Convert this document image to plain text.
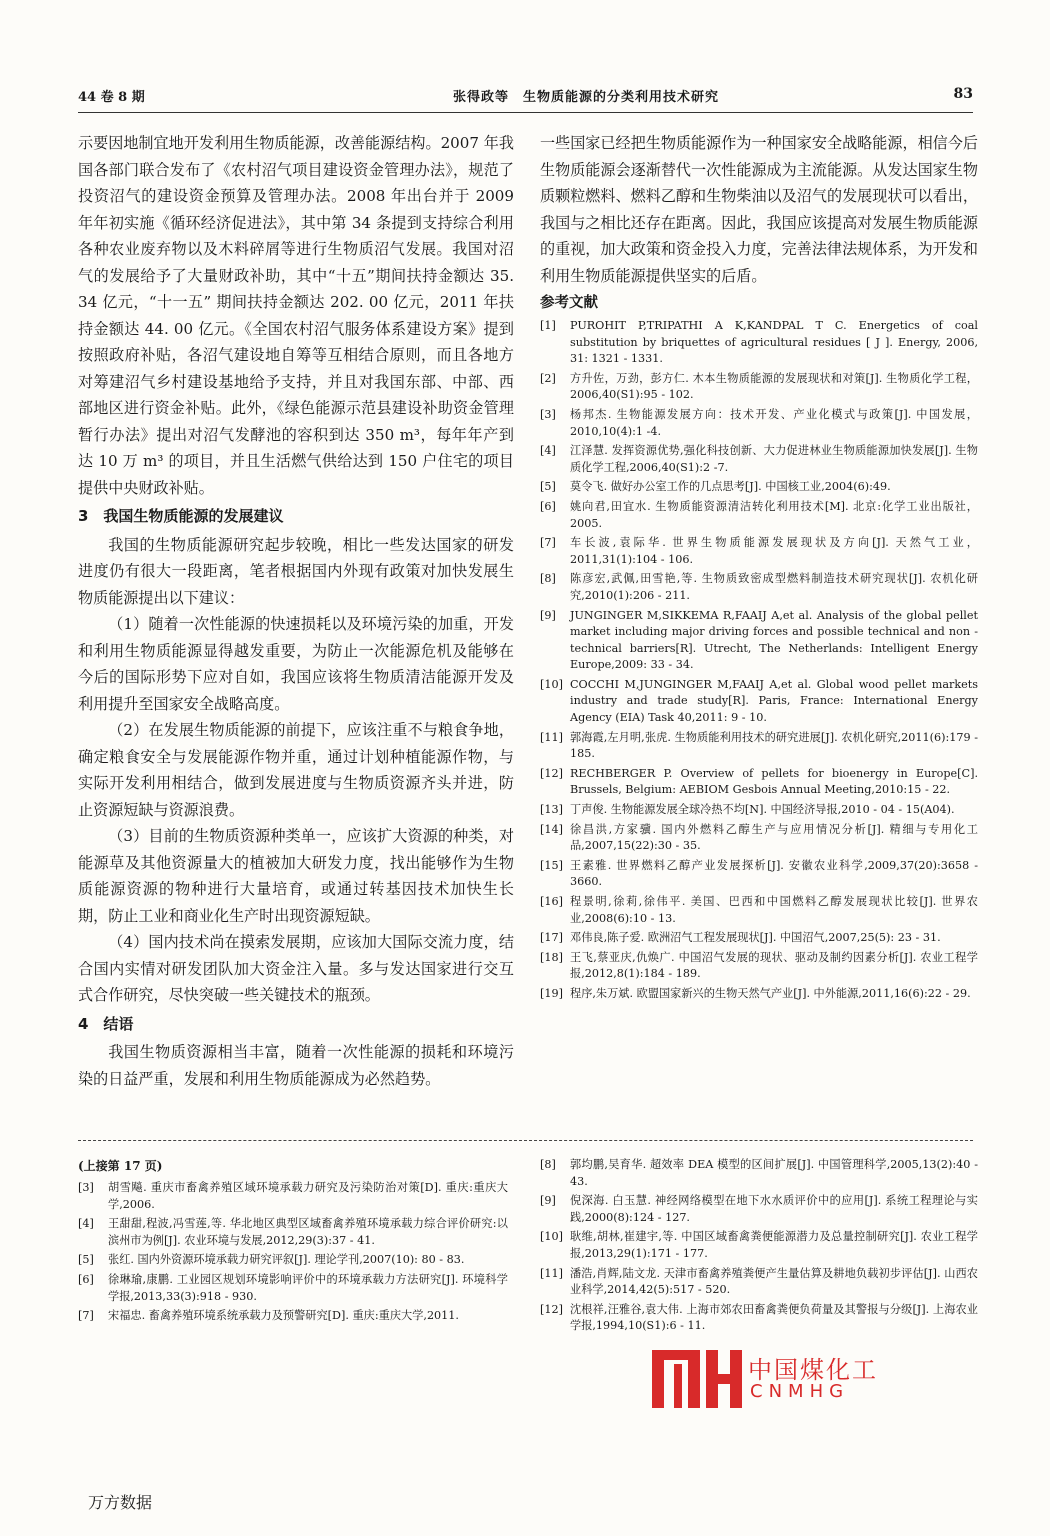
44 卷 8 期	张得政等　生物质能源的分类利用技术研究	83

示要因地制宜地开发利用生物质能源，改善能源结构。2007 年我国各部门联合发布了《农村沼气项目建设资金管理办法》，规范了投资沼气的建设资金预算及管理办法。2008 年出台并于 2009 年年初实施《循环经济促进法》，其中第 34 条提到支持综合利用各种农业废弃物以及木料碎屑等进行生物质沼气发展。我国对沼气的发展给予了大量财政补助，其中“十五”期间扶持金额达 35. 34 亿元，“十一五” 期间扶持金额达 202. 00 亿元，2011 年扶持金额达 44. 00 亿元。《全国农村沼气服务体系建设方案》提到按照政府补贴，各沼气建设地自筹等互相结合原则，而且各地方对筹建沼气乡村建设基地给予支持，并且对我国东部、中部、西部地区进行资金补贴。此外，《绿色能源示范县建设补助资金管理暂行办法》提出对沼气发酵池的容积到达 350 m³，每年年产到达 10 万 m³ 的项目，并且生活燃气供给达到 150 户住宅的项目提供中央财政补贴。

3　我国生物质能源的发展建议

我国的生物质能源研究起步较晚，相比一些发达国家的研发进度仍有很大一段距离，笔者根据国内外现有政策对加快发展生物质能源提出以下建议：

（1）随着一次性能源的快速损耗以及环境污染的加重，开发和利用生物质能源显得越发重要，为防止一次能源危机及能够在今后的国际形势下应对自如，我国应该将生物质清洁能源开发及利用提升至国家安全战略高度。

（2）在发展生物质能源的前提下，应该注重不与粮食争地，确定粮食安全与发展能源作物并重，通过计划种植能源作物，与实际开发利用相结合，做到发展进度与生物质资源齐头并进，防止资源短缺与资源浪费。

（3）目前的生物质资源种类单一，应该扩大资源的种类，对能源草及其他资源量大的植被加大研发力度，找出能够作为生物质能源资源的物种进行大量培育，或通过转基因技术加快生长期，防止工业和商业化生产时出现资源短缺。

（4）国内技术尚在摸索发展期，应该加大国际交流力度，结合国内实情对研发团队加大资金注入量。多与发达国家进行交互式合作研究，尽快突破一些关键技术的瓶颈。

4　结语

我国生物质资源相当丰富，随着一次性能源的损耗和环境污染的日益严重，发展和利用生物质能源成为必然趋势。

一些国家已经把生物质能源作为一种国家安全战略能源，相信今后生物质能源会逐渐替代一次性能源成为主流能源。从发达国家生物质颗粒燃料、燃料乙醇和生物柴油以及沼气的发展现状可以看出，我国与之相比还存在距离。因此，我国应该提高对发展生物质能源的重视，加大政策和资金投入力度，完善法律法规体系，为开发和利用生物质能源提供坚实的后盾。

参考文献
[1] PUROHIT P,TRIPATHI A K,KANDPAL T C. Energetics of coal substitution by briquettes of agricultural residues [ J ]. Energy, 2006, 31: 1321 - 1331.
[2] 方升佐，万劲，彭方仁. 木本生物质能源的发展现状和对策[J]. 生物质化学工程，2006,40(S1):95 - 102.
[3] 杨邦杰. 生物能源发展方向：技术开发、产业化模式与政策[J]. 中国发展，2010,10(4):1 -4.
[4] 江泽慧. 发挥资源优势,强化科技创新、大力促进林业生物质能源加快发展[J]. 生物质化学工程,2006,40(S1):2 -7.
[5] 莫令飞. 做好办公室工作的几点思考[J]. 中国核工业,2004(6):49.
[6] 姚向君,田宜水. 生物质能资源清洁转化利用技术[M]. 北京:化学工业出版社，2005.
[7] 车长波,袁际华. 世界生物质能源发展现状及方向[J]. 天然气工业，2011,31(1):104 - 106.
[8] 陈彦宏,武佩,田雪艳,等. 生物质致密成型燃料制造技术研究现状[J]. 农机化研究,2010(1):206 - 211.
[9] JUNGINGER M,SIKKEMA R,FAAIJ A,et al. Analysis of the global pellet market including major driving forces and possible technical and non - technical barriers[R]. Utrecht, The Netherlands: Intelligent Energy Europe,2009: 33 - 34.
[10] COCCHI M,JUNGINGER M,FAAIJ A,et al. Global wood pellet markets industry and trade study[R]. Paris, France: International Energy Agency (EIA) Task 40,2011: 9 - 10.
[11] 郭海霞,左月明,张虎. 生物质能利用技术的研究进展[J]. 农机化研究,2011(6):179 - 185.
[12] RECHBERGER P. Overview of pellets for bioenergy in Europe[C]. Brussels, Belgium: AEBIOM Gesbois Annual Meeting,2010:15 - 22.
[13] 丁声俊. 生物能源发展全球冷热不均[N]. 中国经济导报,2010 - 04 - 15(A04).
[14] 徐昌洪,方家骥. 国内外燃料乙醇生产与应用情况分析[J]. 精细与专用化工品,2007,15(22):30 - 35.
[15] 王素雅. 世界燃料乙醇产业发展探析[J]. 安徽农业科学,2009,37(20):3658 - 3660.
[16] 程景明,徐莉,徐伟平. 美国、巴西和中国燃料乙醇发展现状比较[J]. 世界农业,2008(6):10 - 13.
[17] 邓伟良,陈子爱. 欧洲沼气工程发展现状[J]. 中国沼气,2007,25(5): 23 - 31.
[18] 王飞,蔡亚庆,仇焕广. 中国沼气发展的现状、驱动及制约因素分析[J]. 农业工程学报,2012,8(1):184 - 189.
[19] 程序,朱万斌. 欧盟国家新兴的生物天然气产业[J]. 中外能源,2011,16(6):22 - 29.
(上接第 17 页)
[3] 胡雪飚. 重庆市畜禽养殖区域环境承载力研究及污染防治对策[D]. 重庆:重庆大学,2006.
[4] 王甜甜,程波,冯雪莲,等. 华北地区典型区域畜禽养殖环境承载力综合评价研究:以滨州市为例[J]. 农业环境与发展,2012,29(3):37 - 41.
[5] 张红. 国内外资源环境承载力研究评叙[J]. 理论学刊,2007(10): 80 - 83.
[6] 徐琳瑜,康鹏. 工业园区规划环境影响评价中的环境承载力方法研究[J]. 环境科学学报,2013,33(3):918 - 930.
[7] 宋福忠. 畜禽养殖环境系统承载力及预警研究[D]. 重庆:重庆大学,2011.
[8] 郭均鹏,吴育华. 超效率 DEA 模型的区间扩展[J]. 中国管理科学,2005,13(2):40 - 43.
[9] 倪深海. 白玉慧. 神经网络模型在地下水水质评价中的应用[J]. 系统工程理论与实践,2000(8):124 - 127.
[10] 耿维,胡林,崔建宇,等. 中国区域畜禽粪便能源潜力及总量控制研究[J]. 农业工程学报,2013,29(1):171 - 177.
[11] 潘浩,肖辉,陆文龙. 天津市畜禽养殖粪便产生量估算及耕地负载初步评估[J]. 山西农业科学,2014,42(5):517 - 520.
[12] 沈根祥,汪雅谷,袁大伟. 上海市郊农田畜禽粪便负荷量及其警报与分级[J]. 上海农业学报,1994,10(S1):6 - 11.
中国煤化工
CNMHG
万方数据
